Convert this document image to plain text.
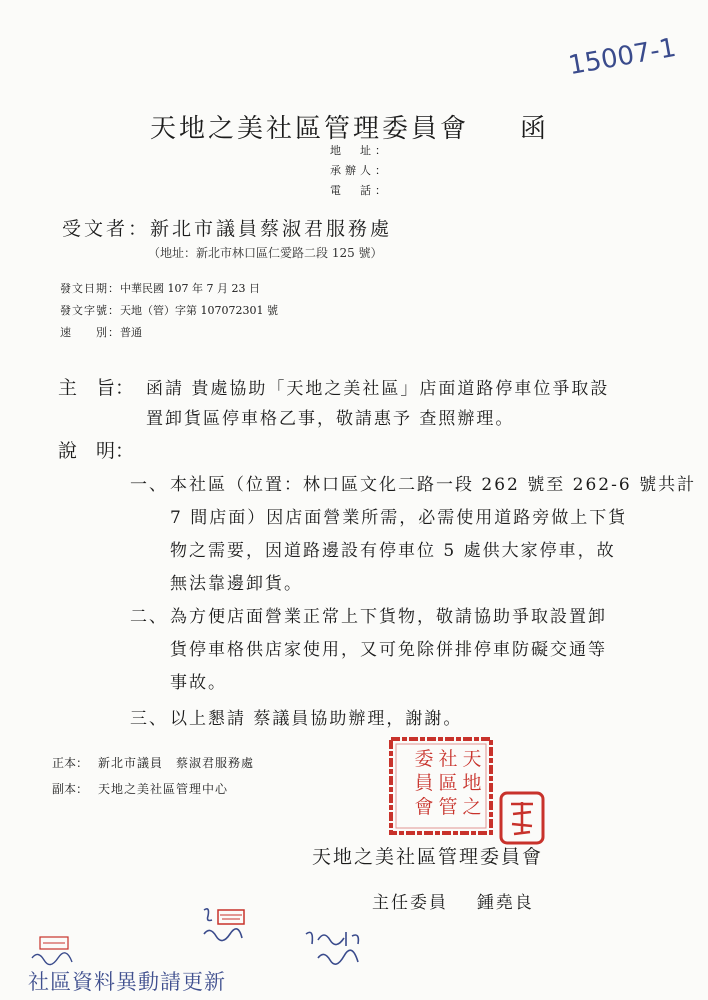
15007-1
天地之美社區管理委員會 函
地　址：
承辦人：
電　話：
受文者： 新北市議員蔡淑君服務處
（地址：新北市林口區仁愛路二段 125 號）
發文日期：中華民國 107 年 7 月 23 日
發文字號：天地（管）字第 107072301 號
速　　別：普通
主　旨： 函請 貴處協助「天地之美社區」店面道路停車位爭取設
置卸貨區停車格乙事，敬請惠予 查照辦理。
說　明：
一、 本社區（位置：林口區文化二路一段 262 號至 262-6 號共計
7 間店面）因店面營業所需，必需使用道路旁做上下貨
物之需要，因道路邊設有停車位 5 處供大家停車，故
無法靠邊卸貨。
二、 為方便店面營業正常上下貨物，敬請協助爭取設置卸
貨停車格供店家使用，又可免除併排停車防礙交通等
事故。
三、 以上懇請 蔡議員協助辦理，謝謝。
正本： 新北市議員　蔡淑君服務處
副本： 天地之美社區管理中心
天
地
之
社
區
管
委
員
會
天地之美社區管理委員會
主任委員 鍾堯良
社區資料異動請更新
